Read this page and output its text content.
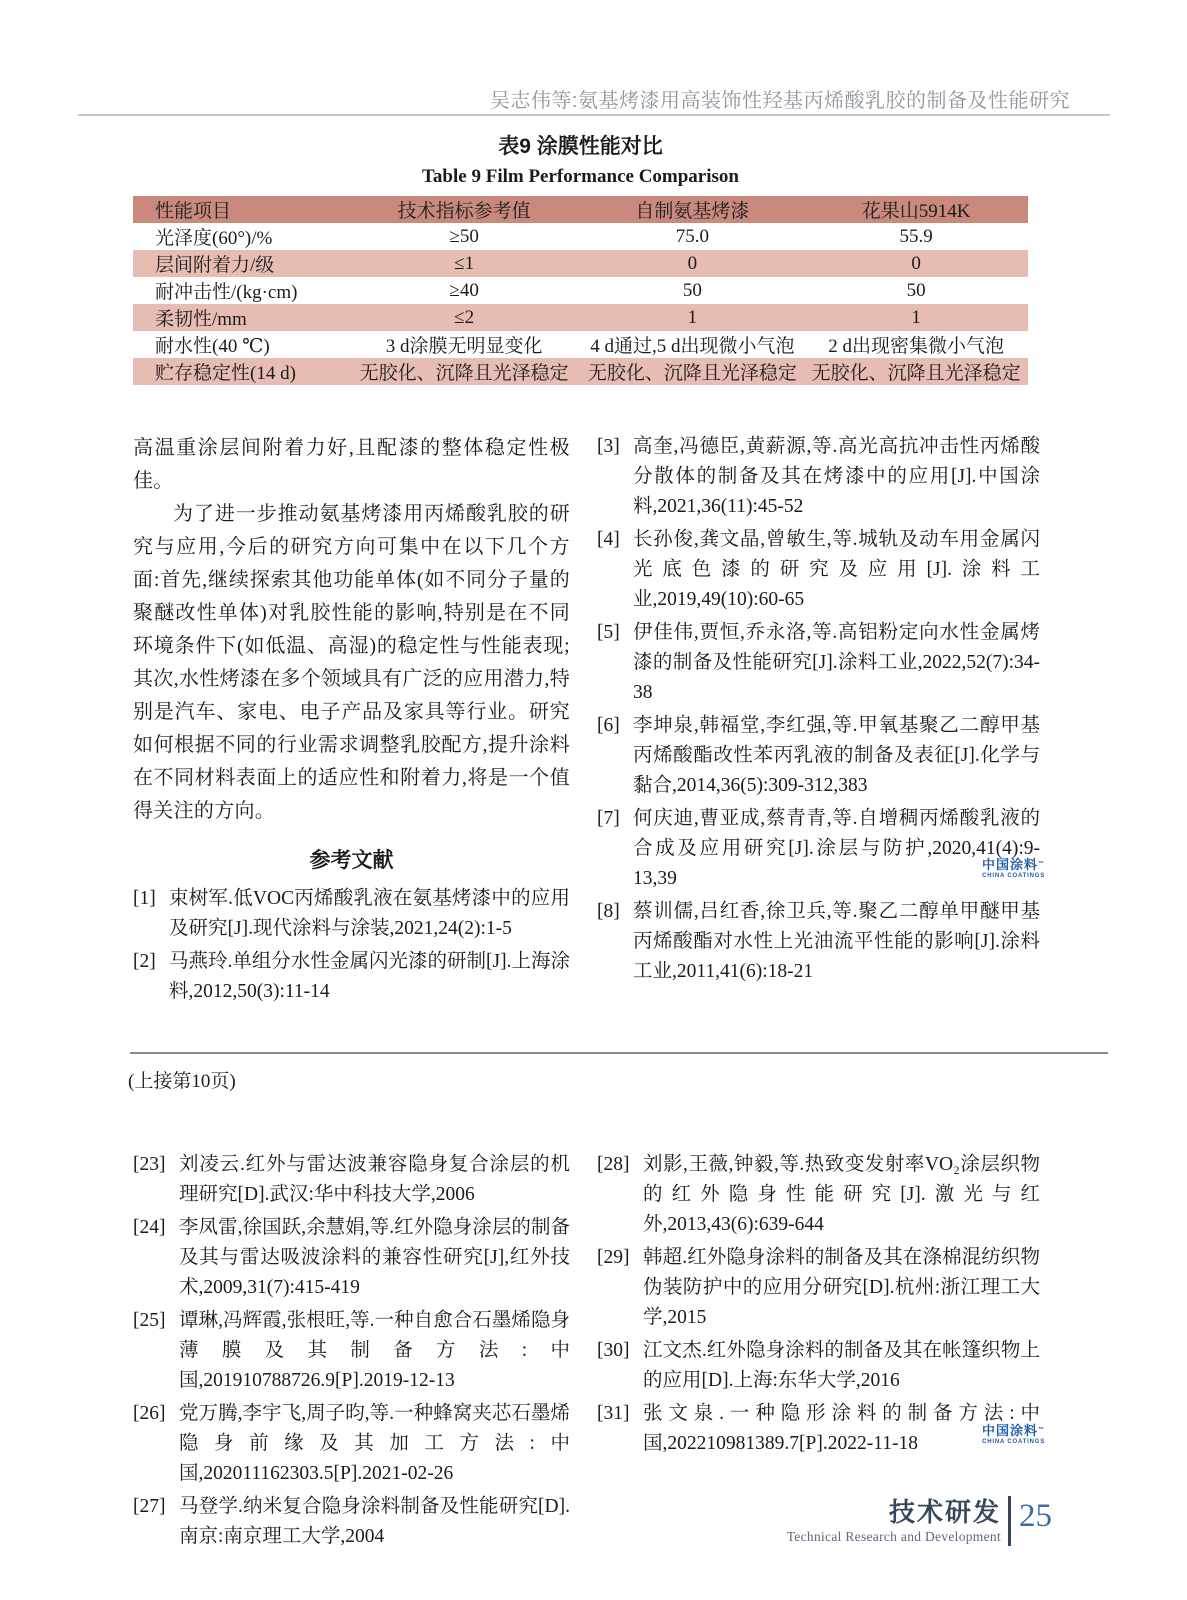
吴志伟等:氨基烤漆用高装饰性羟基丙烯酸乳胶的制备及性能研究
表9 涂膜性能对比
Table 9 Film Performance Comparison
性能项目	技术指标参考值	自制氨基烤漆	花果山5914K
光泽度(60°)/%	≥50	75.0	55.9
层间附着力/级	≤1	0	0
耐冲击性/(kg·cm)	≥40	50	50
柔韧性/mm	≤2	1	1
耐水性(40 ℃)	3 d涂膜无明显变化	4 d通过,5 d出现微小气泡	2 d出现密集微小气泡
贮存稳定性(14 d)	无胶化、沉降且光泽稳定	无胶化、沉降且光泽稳定	无胶化、沉降且光泽稳定

高温重涂层间附着力好,且配漆的整体稳定性极佳。

为了进一步推动氨基烤漆用丙烯酸乳胶的研究与应用,今后的研究方向可集中在以下几个方面:首先,继续探索其他功能单体(如不同分子量的聚醚改性单体)对乳胶性能的影响,特别是在不同环境条件下(如低温、高湿)的稳定性与性能表现;其次,水性烤漆在多个领域具有广泛的应用潜力,特别是汽车、家电、电子产品及家具等行业。研究如何根据不同的行业需求调整乳胶配方,提升涂料在不同材料表面上的适应性和附着力,将是一个值得关注的方向。

参考文献
[1] 束树军.低VOC丙烯酸乳液在氨基烤漆中的应用及研究[J].现代涂料与涂装,2021,24(2):1-5
[2] 马燕玲.单组分水性金属闪光漆的研制[J].上海涂料,2012,50(3):11-14
[3] 高奎,冯德臣,黄薪源,等.高光高抗冲击性丙烯酸分散体的制备及其在烤漆中的应用[J].中国涂料,2021,36(11):45-52
[4] 长孙俊,龚文晶,曾敏生,等.城轨及动车用金属闪光底色漆的研究及应用[J].涂料工业,2019,49(10):60-65
[5] 伊佳伟,贾恒,乔永洛,等.高铝粉定向水性金属烤漆的制备及性能研究[J].涂料工业,2022,52(7):34-38
[6] 李坤泉,韩福堂,李红强,等.甲氧基聚乙二醇甲基丙烯酸酯改性苯丙乳液的制备及表征[J].化学与黏合,2014,36(5):309-312,383
[7] 何庆迪,曹亚成,蔡青青,等.自增稠丙烯酸乳液的合成及应用研究[J].涂层与防护,2020,41(4):9-13,39
[8] 蔡训儒,吕红香,徐卫兵,等.聚乙二醇单甲醚甲基丙烯酸酯对水性上光油流平性能的影响[J].涂料工业,2011,41(6):18-21
中国涂料™
CHINA COATINGS
(上接第10页)
[23] 刘凌云.红外与雷达波兼容隐身复合涂层的机理研究[D].武汉:华中科技大学,2006
[24] 李凤雷,徐国跃,余慧娟,等.红外隐身涂层的制备及其与雷达吸波涂料的兼容性研究[J],红外技术,2009,31(7):415-419
[25] 谭琳,冯辉霞,张根旺,等.一种自愈合石墨烯隐身薄膜及其制备方法:中国,201910788726.9[P].2019-12-13
[26] 党万腾,李宇飞,周子昀,等.一种蜂窝夹芯石墨烯隐身前缘及其加工方法:中国,202011162303.5[P].2021-02-26
[27] 马登学.纳米复合隐身涂料制备及性能研究[D].南京:南京理工大学,2004
[28] 刘影,王薇,钟毅,等.热致变发射率VO₂涂层织物的红外隐身性能研究[J].激光与红外,2013,43(6):639-644
[29] 韩超.红外隐身涂料的制备及其在涤棉混纺织物伪装防护中的应用分研究[D].杭州:浙江理工大学,2015
[30] 江文杰.红外隐身涂料的制备及其在帐篷织物上的应用[D].上海:东华大学,2016
[31] 张文泉.一种隐形涂料的制备方法:中国,202210981389.7[P].2022-11-18
中国涂料™
CHINA COATINGS
技术研发
Technical Research and Development
25
